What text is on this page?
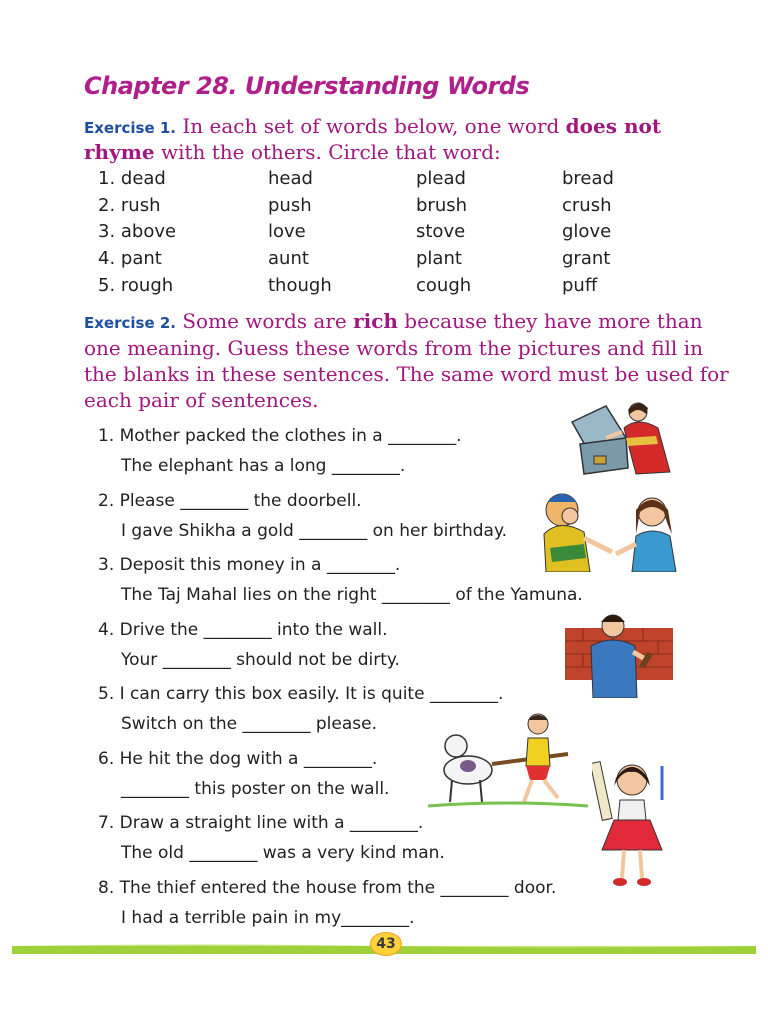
Chapter 28. Understanding Words
Exercise 1. In each set of words below, one word does not
rhyme with the others. Circle that word:
1. dead	head	plead	bread
2. rush	push	brush	crush
3. above	love	stove	glove
4. pant	aunt	plant	grant
5. rough	though	cough	puff
Exercise 2. Some words are rich because they have more than
one meaning. Guess these words from the pictures and fill in
the blanks in these sentences. The same word must be used for
each pair of sentences.
1. Mother packed the clothes in a ________.
The elephant has a long ________.
2. Please ________ the doorbell.
I gave Shikha a gold ________ on her birthday.
3. Deposit this money in a ________.
The Taj Mahal lies on the right ________ of the Yamuna.
4. Drive the ________ into the wall.
Your ________ should not be dirty.
5. I can carry this box easily. It is quite ________.
Switch on the ________ please.
6. He hit the dog with a ________.
________ this poster on the wall.
7. Draw a straight line with a ________.
The old ________ was a very kind man.
8. The thief entered the house from the ________ door.
I had a terrible pain in my________.
43
